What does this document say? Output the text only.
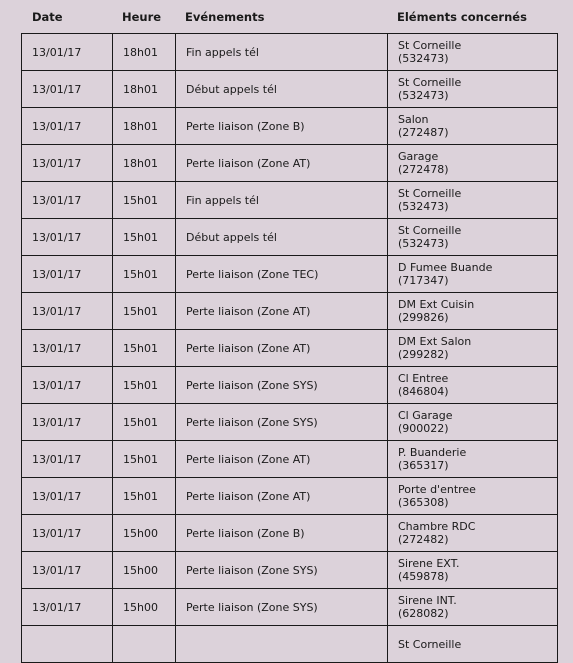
Date	Heure Evénements	Eléments concernés
13/01/17	18h01	Fin appels tél	St Corneille
(532473)

13/01/17	18h01	Début appels tél	St Corneille
(532473)

13/01/17	18h01	Perte liaison (Zone B)	Salon
(272487)

13/01/17	18h01	Perte liaison (Zone AT)	Garage
(272478)

13/01/17	15h01	Fin appels tél	St Corneille
(532473)

13/01/17	15h01	Début appels tél	St Corneille
(532473)

13/01/17	15h01	Perte liaison (Zone TEC)	D Fumee Buande
(717347)

13/01/17	15h01	Perte liaison (Zone AT)	DM Ext Cuisin
(299826)

13/01/17	15h01	Perte liaison (Zone AT)	DM Ext Salon
(299282)

13/01/17	15h01	Perte liaison (Zone SYS)	Cl Entree
(846804)

13/01/17	15h01	Perte liaison (Zone SYS)	Cl Garage
(900022)

13/01/17	15h01	Perte liaison (Zone AT)	P. Buanderie
(365317)

13/01/17	15h01	Perte liaison (Zone AT)	Porte d'entree
(365308)

13/01/17	15h00	Perte liaison (Zone B)	Chambre RDC
(272482)

13/01/17	15h00	Perte liaison (Zone SYS)	Sirene EXT.
(459878)

13/01/17	15h00	Perte liaison (Zone SYS)	Sirene INT.
(628082)

			St Corneille
